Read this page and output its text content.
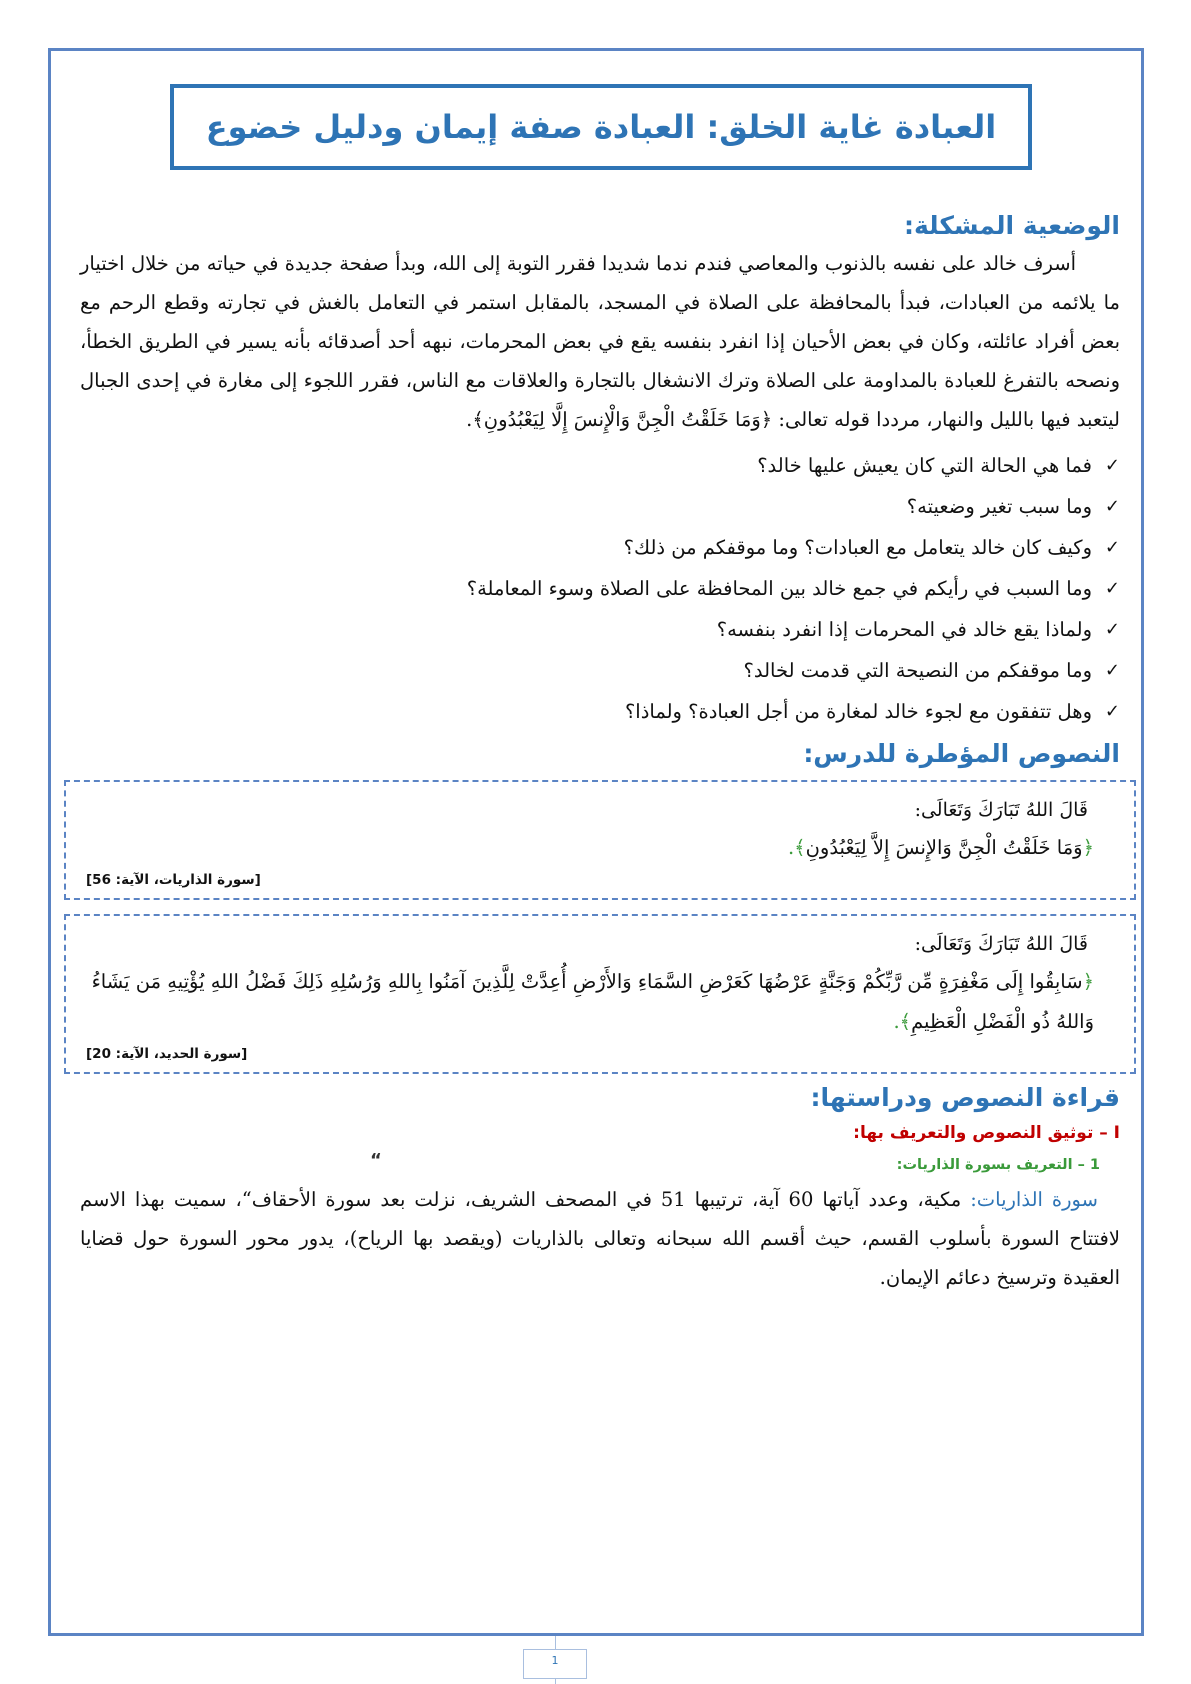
العبادة غاية الخلق: العبادة صفة إيمان ودليل خضوع
الوضعية المشكلة:

أسرف خالد على نفسه بالذنوب والمعاصي فندم ندما شديدا فقرر التوبة إلى الله، وبدأ صفحة جديدة في حياته من خلال اختيار ما يلائمه من العبادات، فبدأ بالمحافظة على الصلاة في المسجد، بالمقابل استمر في التعامل بالغش في تجارته وقطع الرحم مع بعض أفراد عائلته، وكان في بعض الأحيان إذا انفرد بنفسه يقع في بعض المحرمات، نبهه أحد أصدقائه بأنه يسير في الطريق الخطأ، ونصحه بالتفرغ للعبادة بالمداومة على الصلاة وترك الانشغال بالتجارة والعلاقات مع الناس، فقرر اللجوء إلى مغارة في إحدى الجبال ليتعبد فيها بالليل والنهار، مرددا قوله تعالى: ﴿وَمَا خَلَقْتُ الْجِنَّ وَالْإِنسَ إِلَّا لِيَعْبُدُونِ﴾.

✓
فما هي الحالة التي كان يعيش عليها خالد؟
✓
وما سبب تغير وضعيته؟
✓
وكيف كان خالد يتعامل مع العبادات؟ وما موقفكم من ذلك؟
✓
وما السبب في رأيكم في جمع خالد بين المحافظة على الصلاة وسوء المعاملة؟
✓
ولماذا يقع خالد في المحرمات إذا انفرد بنفسه؟
✓
وما موقفكم من النصيحة التي قدمت لخالد؟
✓
وهل تتفقون مع لجوء خالد لمغارة من أجل العبادة؟ ولماذا؟
النصوص المؤطرة للدرس:
قَالَ اللهُ تَبَارَكَ وَتَعَالَى:
﴿وَمَا خَلَقْتُ الْجِنَّ وَالإِنسَ إِلاَّ لِيَعْبُدُونِ﴾.
[سورة الذاريات، الآية: 56]
قَالَ اللهُ تَبَارَكَ وَتَعَالَى:
﴿سَابِقُوا إِلَى مَغْفِرَةٍ مِّن رَّبِّكُمْ وَجَنَّةٍ عَرْضُهَا كَعَرْضِ السَّمَاءِ وَالأَرْضِ أُعِدَّتْ لِلَّذِينَ آمَنُوا بِاللهِ وَرُسُلِهِ ذَلِكَ فَضْلُ اللهِ يُؤْتِيهِ مَن يَشَاءُ وَاللهُ ذُو الْفَضْلِ الْعَظِيمِ﴾.
[سورة الحديد، الآية: 20]
قراءة النصوص ودراستها:
I – توثيق النصوص والتعريف بها:
1 – التعريف بسورة الذاريات:
“

سورة الذاريات: مكية، وعدد آياتها 60 آية، ترتيبها 51 في المصحف الشريف، نزلت بعد سورة الأحقاف“، سميت بهذا الاسم لافتتاح السورة بأسلوب القسم، حيث أقسم الله سبحانه وتعالى بالذاريات (ويقصد بها الرياح)، يدور محور السورة حول قضايا العقيدة وترسيخ دعائم الإيمان.

1
